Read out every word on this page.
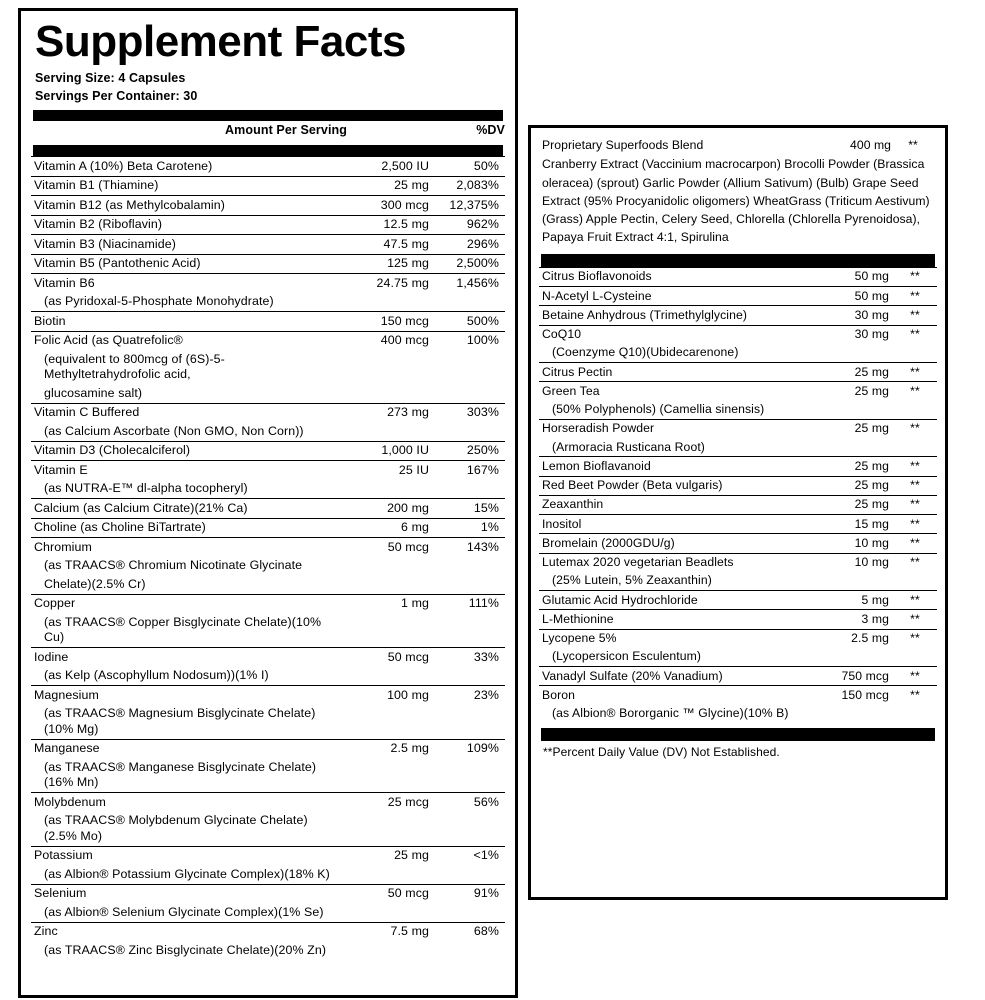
Supplement Facts
Serving Size: 4 Capsules
Servings Per Container: 30
	Amount Per Serving	%DV
Vitamin A (10%) Beta Carotene)	2,500 IU	50%
Vitamin B1 (Thiamine)	25 mg	2,083%
Vitamin B12 (as Methylcobalamin)	300 mcg	12,375%
Vitamin B2 (Riboflavin)	12.5 mg	962%
Vitamin B3 (Niacinamide)	47.5 mg	296%
Vitamin B5 (Pantothenic Acid)	125 mg	2,500%
Vitamin B6	24.75 mg	1,456%
(as Pyridoxal-5-Phosphate Monohydrate)		
Biotin	150 mcg	500%
Folic Acid (as Quatrefolic®	400 mcg	100%
(equivalent to 800mcg of (6S)-5-Methyltetrahydrofolic acid,		
glucosamine salt)		
Vitamin C Buffered	273 mg	303%
(as Calcium Ascorbate (Non GMO, Non Corn))		
Vitamin D3 (Cholecalciferol)	1,000 IU	250%
Vitamin E	25 IU	167%
(as NUTRA-E™ dl-alpha tocopheryl)		
Calcium (as Calcium Citrate)(21% Ca)	200 mg	15%
Choline (as Choline BiTartrate)	6 mg	1%
Chromium	50 mcg	143%
(as TRAACS® Chromium Nicotinate Glycinate		
Chelate)(2.5% Cr)		
Copper	1 mg	111%
(as TRAACS® Copper Bisglycinate Chelate)(10% Cu)		
Iodine	50 mcg	33%
(as Kelp (Ascophyllum Nodosum))(1% I)		
Magnesium	100 mg	23%
(as TRAACS® Magnesium Bisglycinate Chelate)(10% Mg)		
Manganese	2.5 mg	109%
(as TRAACS® Manganese Bisglycinate Chelate)(16% Mn)		
Molybdenum	25 mcg	56%
(as TRAACS® Molybdenum Glycinate Chelate)(2.5% Mo)		
Potassium	25 mg	<1%
(as Albion® Potassium Glycinate Complex)(18% K)		
Selenium	50 mcg	91%
(as Albion® Selenium Glycinate Complex)(1% Se)		
Zinc	7.5 mg	68%
(as TRAACS® Zinc Bisglycinate Chelate)(20% Zn)		
Proprietary Superfoods Blend	400 mg	**
Cranberry Extract (Vaccinium macrocarpon) Brocolli Powder (Brassica oleracea) (sprout) Garlic Powder (Allium Sativum) (Bulb) Grape Seed Extract (95% Procyanidolic oligomers) WheatGrass (Triticum Aestivum) (Grass) Apple Pectin, Celery Seed, Chlorella (Chlorella Pyrenoidosa), Papaya Fruit Extract 4:1, Spirulina
Citrus Bioflavonoids	50 mg	**
N-Acetyl L-Cysteine	50 mg	**
Betaine Anhydrous (Trimethylglycine)	30 mg	**
CoQ10	30 mg	**
(Coenzyme Q10)(Ubidecarenone)		
Citrus Pectin	25 mg	**
Green Tea	25 mg	**
(50% Polyphenols) (Camellia sinensis)		
Horseradish Powder	25 mg	**
(Armoracia Rusticana Root)		
Lemon Bioflavanoid	25 mg	**
Red Beet Powder (Beta vulgaris)	25 mg	**
Zeaxanthin	25 mg	**
Inositol	15 mg	**
Bromelain (2000GDU/g)	10 mg	**
Lutemax 2020 vegetarian Beadlets	10 mg	**
(25% Lutein, 5% Zeaxanthin)		
Glutamic Acid Hydrochloride	5 mg	**
L-Methionine	3 mg	**
Lycopene 5%	2.5 mg	**
(Lycopersicon Esculentum)		
Vanadyl Sulfate (20% Vanadium)	750 mcg	**
Boron	150 mcg	**
(as Albion® Bororganic ™ Glycine)(10% B)		
**Percent Daily Value (DV) Not Established.
